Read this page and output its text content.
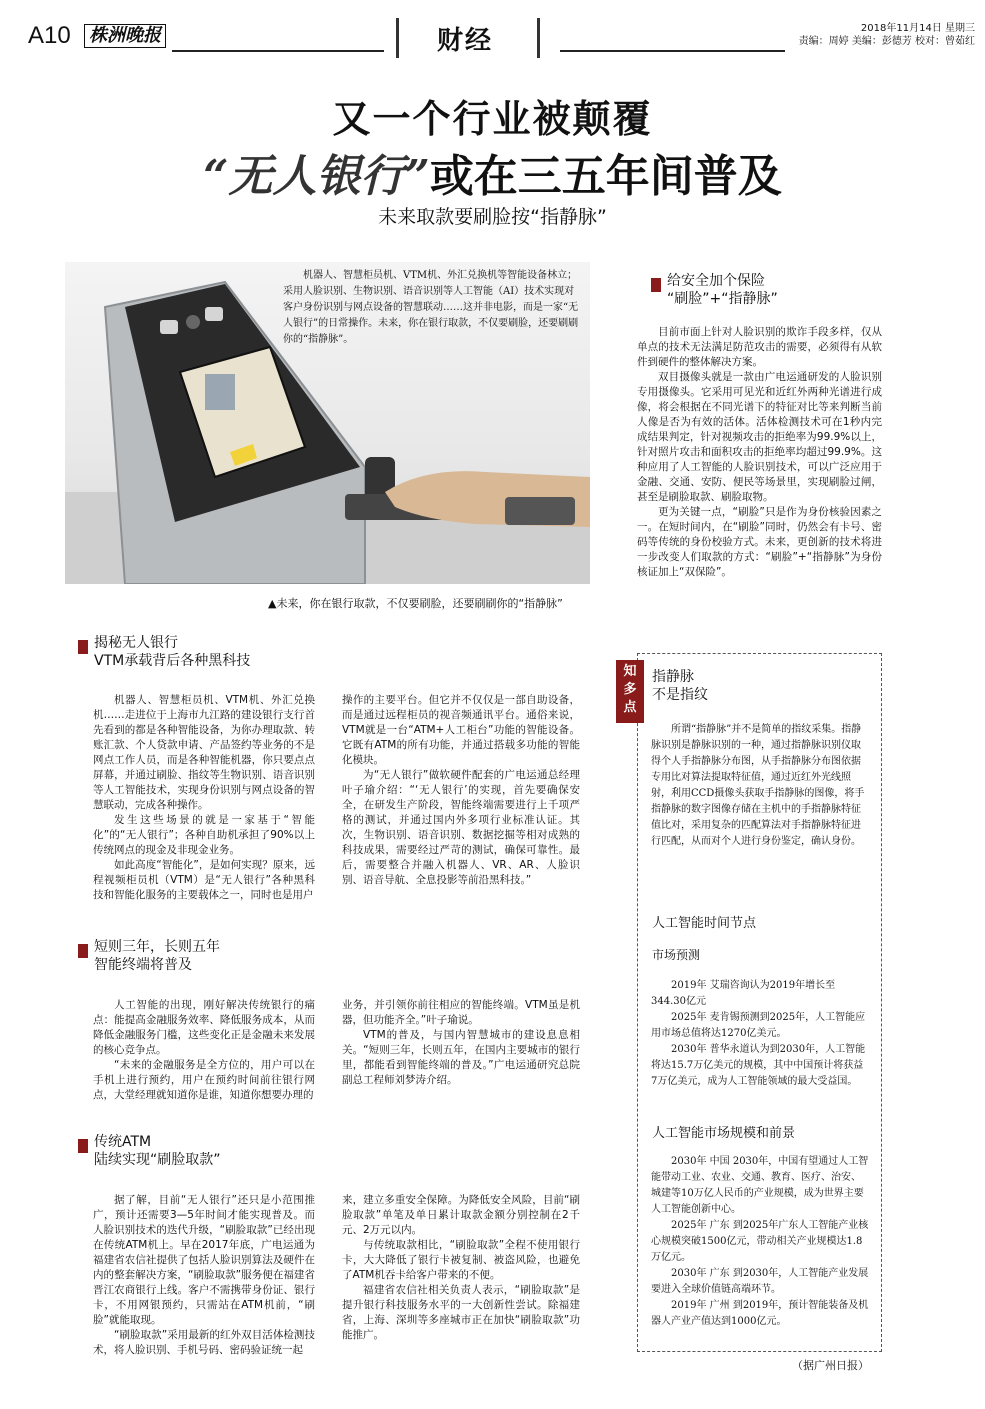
A10 株洲晚报	财经	2018年11月14日 星期三
责编：周婷 美编：彭德芳 校对：曾茹红
又一个行业被颠覆
“无人银行”或在三五年间普及
未来取款要刷脸按“指静脉”
机器人、智慧柜员机、VTM机、外汇兑换机等智能设备林立；采用人脸识别、生物识别、语音识别等人工智能（AI）技术实现对客户身份识别与网点设备的智慧联动……这并非电影，而是一家“无人银行”的日常操作。未来，你在银行取款，不仅要刷脸，还要刷刷你的“指静脉”。
▲未来，你在银行取款，不仅要刷脸，还要刷刷你的“指静脉”
揭秘无人银行
VTM承载背后各种黑科技

机器人、智慧柜员机、VTM机、外汇兑换机……走进位于上海市九江路的建设银行支行首先看到的都是各种智能设备，为你办理取款、转账汇款、个人贷款申请、产品签约等业务的不是网点工作人员，而是各种智能机器，你只要点点屏幕，并通过刷脸、指纹等生物识别、语音识别等人工智能技术，实现身份识别与网点设备的智慧联动，完成各种操作。

发生这些场景的就是一家基于“智能化”的“无人银行”；各种自助机承担了90%以上传统网点的现金及非现金业务。

如此高度“智能化”，是如何实现？原来，远程视频柜员机（VTM）是“无人银行”各种黑科技和智能化服务的主要载体之一，同时也是用户

操作的主要平台。但它并不仅仅是一部自助设备，而是通过远程柜员的视音频通讯平台。通俗来说，VTM就是一台“ATM+人工柜台”功能的智能设备。它既有ATM的所有功能，并通过搭载多功能的智能化模块。

为“无人银行”做软硬件配套的广电运通总经理叶子瑜介绍：“‘无人银行’的实现，首先要确保安全，在研发生产阶段，智能终端需要进行上千项严格的测试，并通过国内外多项行业标准认证。其次，生物识别、语音识别、数据挖掘等相对成熟的科技成果，需要经过严苛的测试，确保可靠性。最后，需要整合并融入机器人、VR、AR、人脸识别、语音导航、全息投影等前沿黑科技。”

短则三年，长则五年
智能终端将普及

人工智能的出现，刚好解决传统银行的痛点：能提高金融服务效率、降低服务成本，从而降低金融服务门槛，这些变化正是金融未来发展的核心竞争点。

“未来的金融服务是全方位的，用户可以在手机上进行预约，用户在预约时间前往银行网点，大堂经理就知道你是谁，知道你想要办理的

业务，并引领你前往相应的智能终端。VTM虽是机器，但功能齐全。”叶子瑜说。

VTM的普及，与国内智慧城市的建设息息相关。“短则三年，长则五年，在国内主要城市的银行里，都能看到智能终端的普及。”广电运通研究总院副总工程师刘梦涛介绍。

传统ATM
陆续实现“刷脸取款”

据了解，目前“无人银行”还只是小范围推广，预计还需要3—5年时间才能实现普及。而人脸识别技术的迭代升级，“刷脸取款”已经出现在传统ATM机上。早在2017年底，广电运通为福建省农信社提供了包括人脸识别算法及硬件在内的整套解决方案，“刷脸取款”服务便在福建省晋江农商银行上线。客户不需携带身份证、银行卡，不用网银预约，只需站在ATM机前，“刷脸”就能取现。

“刷脸取款”采用最新的红外双目活体检测技术，将人脸识别、手机号码、密码验证统一起

来，建立多重安全保障。为降低安全风险，目前“刷脸取款”单笔及单日累计取款金额分别控制在2千元、2万元以内。

与传统取款相比，“刷脸取款”全程不使用银行卡，大大降低了银行卡被复制、被盗风险，也避免了ATM机吞卡给客户带来的不便。

福建省农信社相关负责人表示，“刷脸取款”是提升银行科技服务水平的一大创新性尝试。除福建省，上海、深圳等多座城市正在加快“刷脸取款”功能推广。

给安全加个保险
“刷脸”+“指静脉”

目前市面上针对人脸识别的欺诈手段多样，仅从单点的技术无法满足防范攻击的需要，必须得有从软件到硬件的整体解决方案。

双目摄像头就是一款由广电运通研发的人脸识别专用摄像头。它采用可见光和近红外两种光谱进行成像，将会根据在不同光谱下的特征对比等来判断当前人像是否为有效的活体。活体检测技术可在1秒内完成结果判定，针对视频攻击的拒绝率为99.9%以上，针对照片攻击和面积攻击的拒绝率均超过99.9%。这种应用了人工智能的人脸识别技术，可以广泛应用于金融、交通、安防、便民等场景里，实现刷脸过闸，甚至是刷脸取款、刷脸取物。

更为关键一点，“刷脸”只是作为身份核验因素之一。在短时间内，在“刷脸”同时，仍然会有卡号、密码等传统的身份校验方式。未来，更创新的技术将进一步改变人们取款的方式：“刷脸”+“指静脉”为身份核证加上“双保险”。

知
多
点
指静脉
不是指纹
所谓“指静脉”并不是简单的指纹采集。指静脉识别是静脉识别的一种，通过指静脉识别仪取得个人手指静脉分布图，从手指静脉分布图依据专用比对算法提取特征值，通过近红外光线照射，利用CCD摄像头获取手指静脉的图像，将手指静脉的数字图像存储在主机中的手指静脉特征值比对，采用复杂的匹配算法对手指静脉特征进行匹配，从而对个人进行身份鉴定，确认身份。
人工智能时间节点
市场预测
2019年 艾瑞咨询认为2019年增长至344.30亿元
2025年 麦肯锡预测到2025年，人工智能应用市场总值将达1270亿美元。
2030年 普华永道认为到2030年，人工智能将达15.7万亿美元的规模，其中中国预计将获益7万亿美元，成为人工智能领域的最大受益国。
人工智能市场规模和前景
2030年 中国 2030年，中国有望通过人工智能带动工业、农业、交通、教育、医疗、治安、城建等10万亿人民币的产业规模，成为世界主要人工智能创新中心。
2025年 广东 到2025年广东人工智能产业核心规模突破1500亿元，带动相关产业规模达1.8万亿元。
2030年 广东 到2030年，人工智能产业发展要进入全球价值链高端环节。
2019年 广州 到2019年，预计智能装备及机器人产业产值达到1000亿元。
（据广州日报）
